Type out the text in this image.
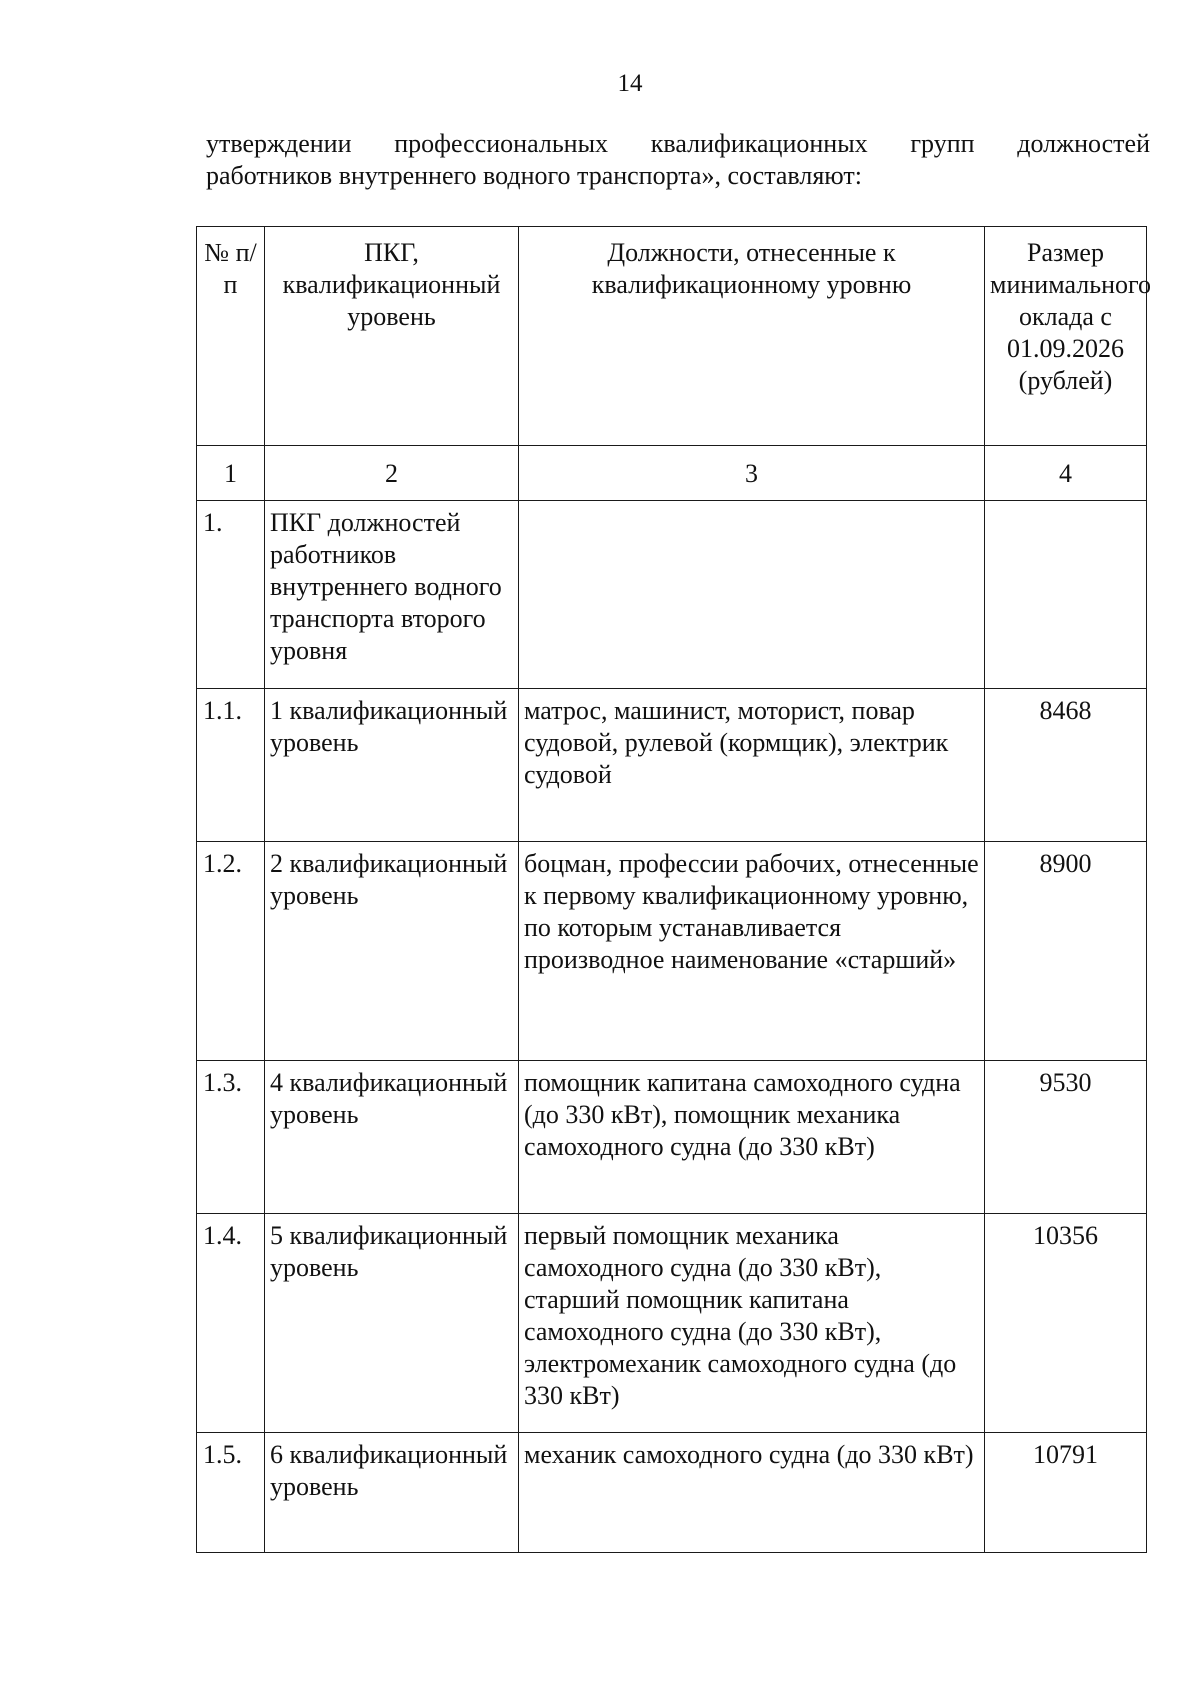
14
утверждении профессиональных квалификационных групп должностей
работников внутреннего водного транспорта», составляют:
№ п/п	ПКГ, квалификационный уровень	Должности, отнесенные к квалификационному уровню	Размер минимального оклада с 01.09.2026 (рублей)
1	2	3	4
1.	ПКГ должностей работников внутреннего водного транспорта второго уровня		
1.1.	1 квалификационный уровень	матрос, машинист, моторист, повар судовой, рулевой (кормщик), электрик судовой	8468
1.2.	2 квалификационный уровень	боцман, профессии рабочих, отнесенные к первому квалификационному уровню, по которым устанавливается производное наименование «старший»	8900
1.3.	4 квалификационный уровень	помощник капитана самоходного судна (до 330 кВт), помощник механика самоходного судна (до 330 кВт)	9530
1.4.	5 квалификационный уровень	первый помощник механика самоходного судна (до 330 кВт), старший помощник капитана самоходного судна (до 330 кВт), электромеханик самоходного судна (до 330 кВт)	10356
1.5.	6 квалификационный уровень	механик самоходного судна (до 330 кВт)	10791
